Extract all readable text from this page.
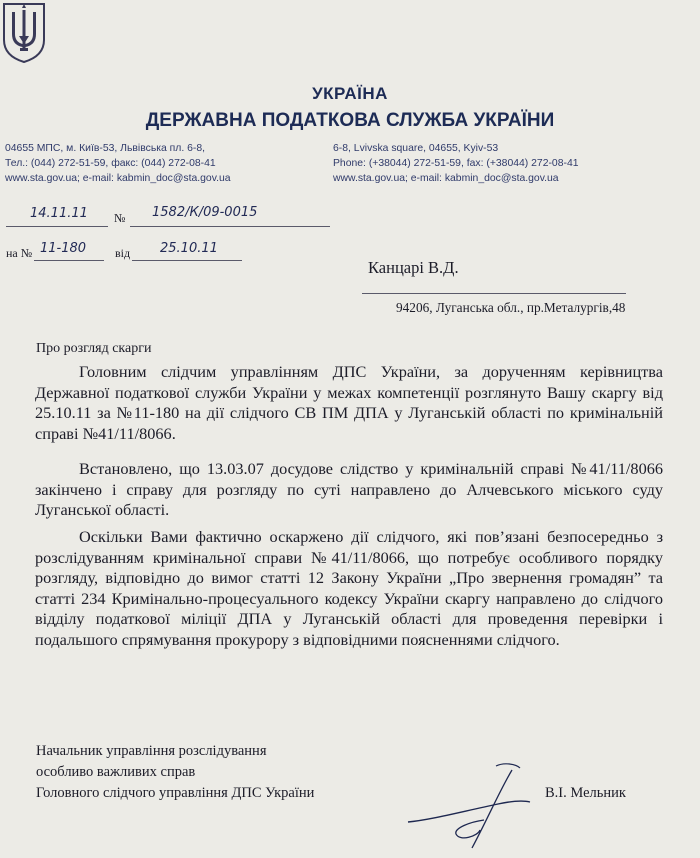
УКРАЇНА
ДЕРЖАВНА ПОДАТКОВА СЛУЖБА УКРАЇНИ
04655 МПС, м. Київ-53, Львівська пл. 6-8,
Тел.: (044) 272-51-59, факс: (044) 272-08-41
www.sta.gov.ua; e-mail: kabmin_doc@sta.gov.ua
6-8, Lvivska square, 04655, Kyiv-53
Phone: (+38044) 272-51-59, fax: (+38044) 272-08-41
www.sta.gov.ua; e-mail: kabmin_doc@sta.gov.ua
14.11.11 № 1582/К/09-0015
на № 11-180 від 25.10.11
Канцарі В.Д.
94206, Луганська обл., пр.Металургів,48
Про розгляд скарги

Головним слідчим управлінням ДПС України, за дорученням керівництва Державної податкової служби України у межах компетенції розглянуто Вашу скаргу від 25.10.11 за №11-180 на дії слідчого СВ ПМ ДПА у Луганській області по кримінальній справі №41/11/8066.

Встановлено, що 13.03.07 досудове слідство у кримінальній справі №41/11/8066 закінчено і справу для розгляду по суті направлено до Алчевського міського суду Луганської області.

Оскільки Вами фактично оскаржено дії слідчого, які пов’язані безпосередньо з розслідуванням кримінальної справи №41/11/8066, що потребує особливого порядку розгляду, відповідно до вимог статті 12 Закону України „Про звернення громадян” та статті 234 Кримінально-процесуального кодексу України скаргу направлено до слідчого відділу податкової міліції ДПА у Луганській області для проведення перевірки і подальшого спрямування прокурору з відповідними поясненнями слідчого.

Начальник управління розслідування
особливо важливих справ
Головного слідчого управління ДПС України	В.І. Мельник
